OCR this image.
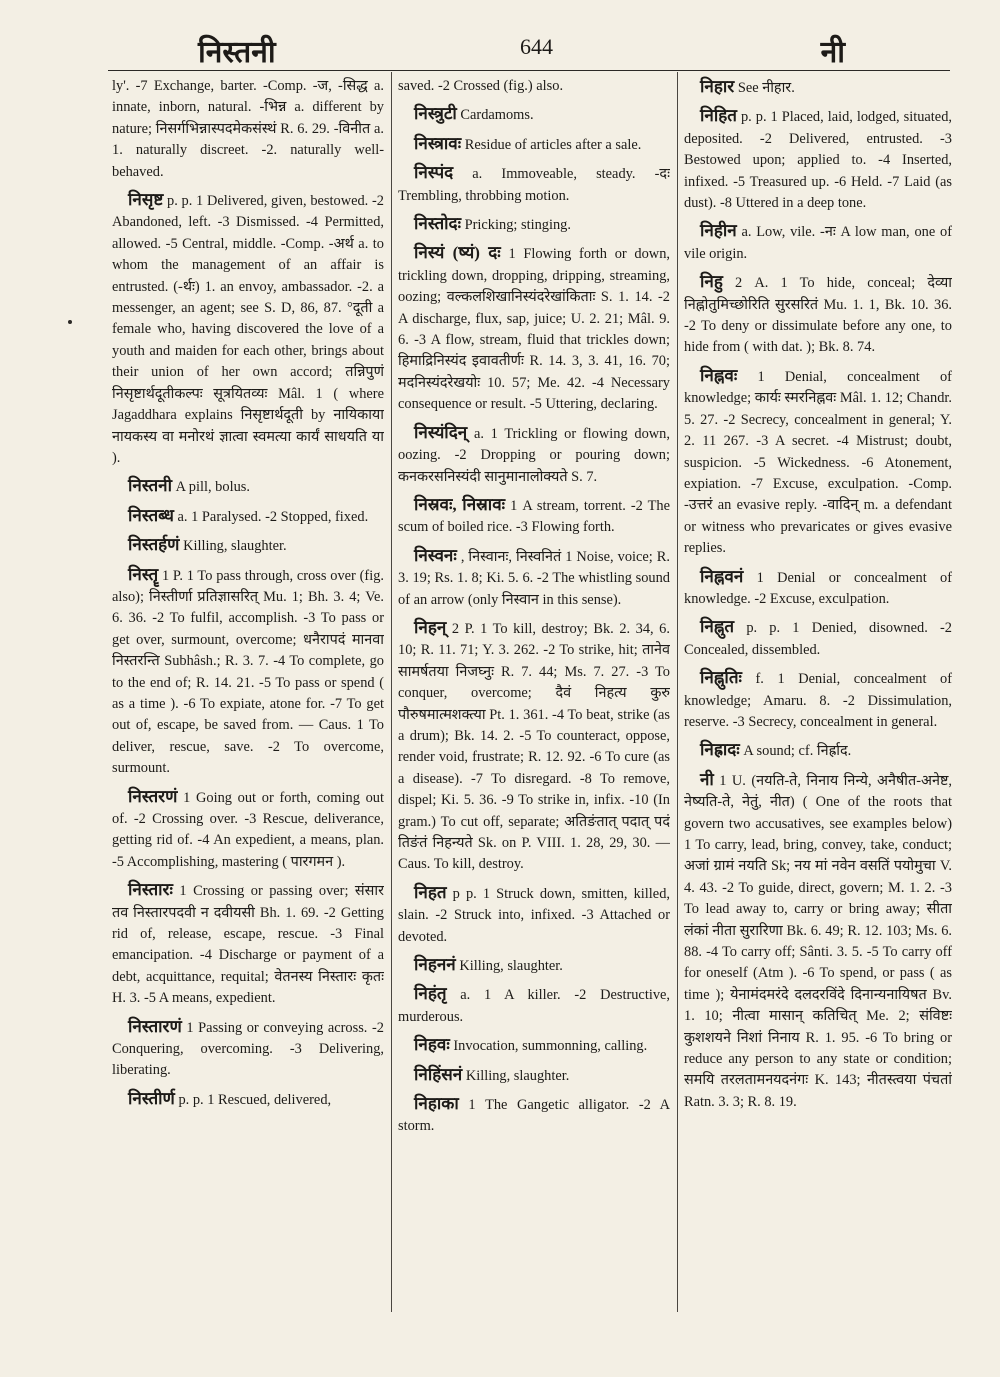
निस्तनी	644	नी

ly'. -7 Exchange, barter. -Comp. -ज, -सिद्ध a. innate, inborn, natural. -भिन्न a. different by nature; निसर्गभिन्नास्पदमेकसंस्थं R. 6. 29. -विनीत a. 1. naturally discreet. -2. naturally well-behaved.

निसृष्ट p. p. 1 Delivered, given, bestowed. -2 Abandoned, left. -3 Dismissed. -4 Permitted, allowed. -5 Central, middle. -Comp. -अर्थ a. to whom the management of an affair is entrusted. (-र्थः) 1. an envoy, ambassador. -2. a messenger, an agent; see S. D, 86, 87. °दूती a female who, having discovered the love of a youth and maiden for each other, brings about their union of her own accord; तन्निपुणं निसृष्टार्थदूतीकल्पः सूत्रयितव्यः Mâl. 1 ( where Jagaddhara explains निसृष्टार्थदूती by नायिकाया नायकस्य वा मनोरथं ज्ञात्वा स्वमत्या कार्यं साधयति या ).

निस्तनी A pill, bolus.

निस्तब्ध a. 1 Paralysed. -2 Stopped, fixed.

निस्तर्हणं Killing, slaughter.

निस्तॄ 1 P. 1 To pass through, cross over (fig. also); निस्तीर्णा प्रतिज्ञासरित् Mu. 1; Bh. 3. 4; Ve. 6. 36. -2 To fulfil, accomplish. -3 To pass or get over, surmount, overcome; धनैरापदं मानवा निस्तरन्ति Subhâsh.; R. 3. 7. -4 To complete, go to the end of; R. 14. 21. -5 To pass or spend ( as a time ). -6 To expiate, atone for. -7 To get out of, escape, be saved from. — Caus. 1 To deliver, rescue, save. -2 To overcome, surmount.

निस्तरणं 1 Going out or forth, coming out of. -2 Crossing over. -3 Rescue, deliverance, getting rid of. -4 An expedient, a means, plan. -5 Accomplishing, mastering ( पारगमन ).

निस्तारः 1 Crossing or passing over; संसार तव निस्तारपदवी न दवीयसी Bh. 1. 69. -2 Getting rid of, release, escape, rescue. -3 Final emancipation. -4 Discharge or payment of a debt, acquittance, requital; वेतनस्य निस्तारः कृतः H. 3. -5 A means, expedient.

निस्तारणं 1 Passing or conveying across. -2 Conquering, overcoming. -3 Delivering, liberating.

निस्तीर्ण p. p. 1 Rescued, delivered,

saved. -2 Crossed (fig.) also.

निस्त्रुटी Cardamoms.

निस्त्रावः Residue of articles after a sale.

निस्पंद a. Immoveable, steady. -दः Trembling, throbbing motion.

निस्तोदः Pricking; stinging.

निस्यं (ष्यं) दः 1 Flowing forth or down, trickling down, dropping, dripping, streaming, oozing; वल्कलशिखानिस्यंदरेखांकिताः S. 1. 14. -2 A discharge, flux, sap, juice; U. 2. 21; Mâl. 9. 6. -3 A flow, stream, fluid that trickles down; हिमाद्रिनिस्यंद इवावतीर्णः R. 14. 3, 3. 41, 16. 70; मदनिस्यंदरेखयोः 10. 57; Me. 42. -4 Necessary consequence or result. -5 Uttering, declaring.

निस्यंदिन् a. 1 Trickling or flowing down, oozing. -2 Dropping or pouring down; कनकरसनिस्यंदी सानुमानालोक्यते S. 7.

निस्रवः, निस्रावः 1 A stream, torrent. -2 The scum of boiled rice. -3 Flowing forth.

निस्वनः , निस्वानः, निस्वनितं 1 Noise, voice; R. 3. 19; Rs. 1. 8; Ki. 5. 6. -2 The whistling sound of an arrow (only निस्वान in this sense).

निहन् 2 P. 1 To kill, destroy; Bk. 2. 34, 6. 10; R. 11. 71; Y. 3. 262. -2 To strike, hit; तानेव सामर्षतया निजघ्नुः R. 7. 44; Ms. 7. 27. -3 To conquer, overcome; दैवं निहत्य कुरु पौरुषमात्मशक्त्या Pt. 1. 361. -4 To beat, strike (as a drum); Bk. 14. 2. -5 To counteract, oppose, render void, frustrate; R. 12. 92. -6 To cure (as a disease). -7 To disregard. -8 To remove, dispel; Ki. 5. 36. -9 To strike in, infix. -10 (In gram.) To cut off, separate; अतिङंतात् पदात् पदं तिङंतं निहन्यते Sk. on P. VIII. 1. 28, 29, 30. — Caus. To kill, destroy.

निहत p p. 1 Struck down, smitten, killed, slain. -2 Struck into, infixed. -3 Attached or devoted.

निहननं Killing, slaughter.

निहंतृ a. 1 A killer. -2 Destructive, murderous.

निहवः Invocation, summonning, calling.

निहिंसनं Killing, slaughter.

निहाका 1 The Gangetic alligator. -2 A storm.

निहार See नीहार.

निहित p. p. 1 Placed, laid, lodged, situated, deposited. -2 Delivered, entrusted. -3 Bestowed upon; applied to. -4 Inserted, infixed. -5 Treasured up. -6 Held. -7 Laid (as dust). -8 Uttered in a deep tone.

निहीन a. Low, vile. -नः A low man, one of vile origin.

निहु 2 A. 1 To hide, conceal; देव्या निह्नोतुमिच्छोरिति सुरसरितं Mu. 1. 1, Bk. 10. 36. -2 To deny or dissimulate before any one, to hide from ( with dat. ); Bk. 8. 74.

निह्नवः 1 Denial, concealment of knowledge; कार्यः स्मरनिह्नवः Mâl. 1. 12; Chandr. 5. 27. -2 Secrecy, concealment in general; Y. 2. 11 267. -3 A secret. -4 Mistrust; doubt, suspicion. -5 Wickedness. -6 Atonement, expiation. -7 Excuse, exculpation. -Comp. -उत्तरं an evasive reply. -वादिन् m. a defendant or witness who prevaricates or gives evasive replies.

निह्नवनं 1 Denial or concealment of knowledge. -2 Excuse, exculpation.

निह्नुत p. p. 1 Denied, disowned. -2 Concealed, dissembled.

निह्नुतिः f. 1 Denial, concealment of knowledge; Amaru. 8. -2 Dissimulation, reserve. -3 Secrecy, concealment in general.

निह्रादः A sound; cf. निर्ह्राद.

नी 1 U. (नयति-ते, निनाय निन्ये, अनैषीत-अनेष्ट, नेष्यति-ते, नेतुं, नीत) ( One of the roots that govern two accusatives, see examples below) 1 To carry, lead, bring, convey, take, conduct; अजां ग्रामं नयति Sk; नय मां नवेन वसतिं पयोमुचा V. 4. 43. -2 To guide, direct, govern; M. 1. 2. -3 To lead away to, carry or bring away; सीता लंकां नीता सुरारिणा Bk. 6. 49; R. 12. 103; Ms. 6. 88. -4 To carry off; Sânti. 3. 5. -5 To carry off for oneself (Atm ). -6 To spend, or pass ( as time ); येनामंदमरंदे दलदरविंदे दिनान्यनायिषत Bv. 1. 10; नीत्वा मासान् कतिचित् Me. 2; संविष्टः कुशशयने निशां निनाय R. 1. 95. -6 To bring or reduce any person to any state or condition; समयि तरलतामनयदनंगः K. 143; नीतस्त्वया पंचतां Ratn. 3. 3; R. 8. 19.
